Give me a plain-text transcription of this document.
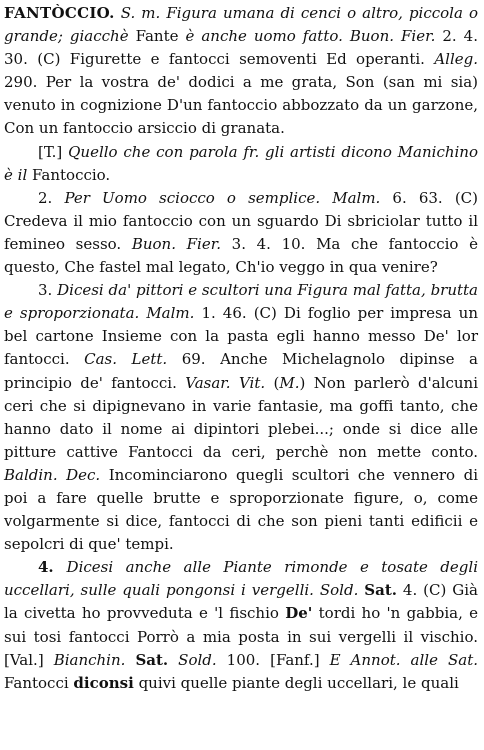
FANTÒCCIO. S. m. Figura umana di cenci o altro, piccola o grande; giacchè Fante è anche uomo fatto. Buon. Fier. 2. 4. 30. (C) Figurette e fantocci semoventi Ed operanti. Alleg. 290. Per la vostra de' dodici a me grata, Son (san mi sia) venuto in cognizione D'un fantoccio abbozzato da un garzone, Con un fantoccio arsiccio di granata.

[T.] Quello che con parola fr. gli artisti dicono Manichino è il Fantoccio.

2. Per Uomo sciocco o semplice. Malm. 6. 63. (C) Credeva il mio fantoccio con un sguardo Di sbriciolar tutto il femineo sesso. Buon. Fier. 3. 4. 10. Ma che fantoccio è questo, Che fastel mal legato, Ch'io veggo in qua venire?

3. Dicesi da' pittori e scultori una Figura mal fatta, brutta e sproporzionata. Malm. 1. 46. (C) Di foglio per impresa un bel cartone Insieme con la pasta egli hanno messo De' lor fantocci. Cas. Lett. 69. Anche Michelagnolo dipinse a principio de' fantocci. Vasar. Vit. (M.) Non parlerò d'alcuni ceri che si dipignevano in varie fantasie, ma goffi tanto, che hanno dato il nome ai dipintori plebei...; onde si dice alle pitture cattive Fantocci da ceri, perchè non mette conto. Baldin. Dec. Incominciarono quegli scultori che vennero di poi a fare quelle brutte e sproporzionate figure, o, come volgarmente si dice, fantocci di che son pieni tanti edificii e sepolcri di que' tempi.

4. Dicesi anche alle Piante rimonde e tosate degli uccellari, sulle quali pongonsi i vergelli. Sold. Sat. 4. (C) Già la civetta ho provveduta e 'l fischio De' tordi ho 'n gabbia, e sui tosi fantocci Porrò a mia posta in sui vergelli il vischio. [Val.] Bianchin. Sat. Sold. 100. [Fanf.] E Annot. alle Sat. Fantocci diconsi quivi quelle piante degli uccellari, le quali
